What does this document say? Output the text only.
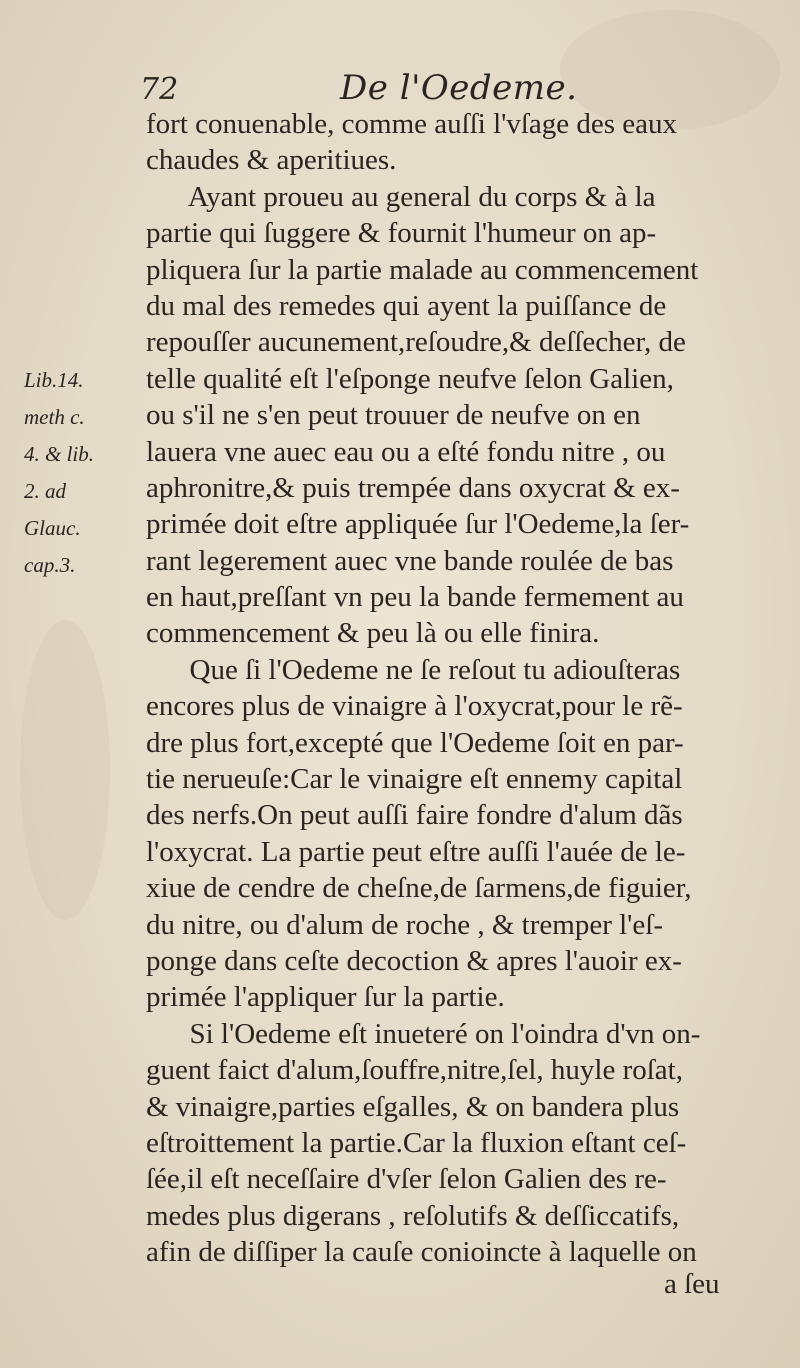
72	De l'Oedeme.
Lib.14.
meth c.
4. & lib.
2. ad
Glauc.
cap.3.
fort conuenable, comme auſſi l'vſage des eaux
chaudes & aperitiues.
Ayant proueu au general du corps & à la
partie qui ſuggere & fournit l'humeur on ap-
pliquera ſur la partie malade au commencement
du mal des remedes qui ayent la puiſſance de
repouſſer aucunement,reſoudre,& deſſecher, de
telle qualité eſt l'eſponge neufve ſelon Galien,
ou s'il ne s'en peut trouuer de neufve on en
lauera vne auec eau ou a eſté fondu nitre , ou
aphronitre,& puis trempée dans oxycrat & ex-
primée doit eſtre appliquée ſur l'Oedeme,la ſer-
rant legerement auec vne bande roulée de bas
en haut,preſſant vn peu la bande fermement au
commencement & peu là ou elle finira.
Que ſi l'Oedeme ne ſe reſout tu adiouſteras
encores plus de vinaigre à l'oxycrat,pour le rẽ-
dre plus fort,excepté que l'Oedeme ſoit en par-
tie nerueuſe:Car le vinaigre eſt ennemy capital
des nerfs.On peut auſſi faire fondre d'alum dãs
l'oxycrat. La partie peut eſtre auſſi l'auée de le-
xiue de cendre de cheſne,de ſarmens,de figuier,
du nitre, ou d'alum de roche , & tremper l'eſ-
ponge dans ceſte decoction & apres l'auoir ex-
primée l'appliquer ſur la partie.
Si l'Oedeme eſt inueteré on l'oindra d'vn on-
guent faict d'alum,ſouffre,nitre,ſel, huyle roſat,
& vinaigre,parties eſgalles, & on bandera plus
eſtroittement la partie.Car la fluxion eſtant ceſ-
ſée,il eſt neceſſaire d'vſer ſelon Galien des re-
medes plus digerans , reſolutifs & deſſiccatifs,
afin de diſſiper la cauſe conioincte à laquelle on
a ſeu
